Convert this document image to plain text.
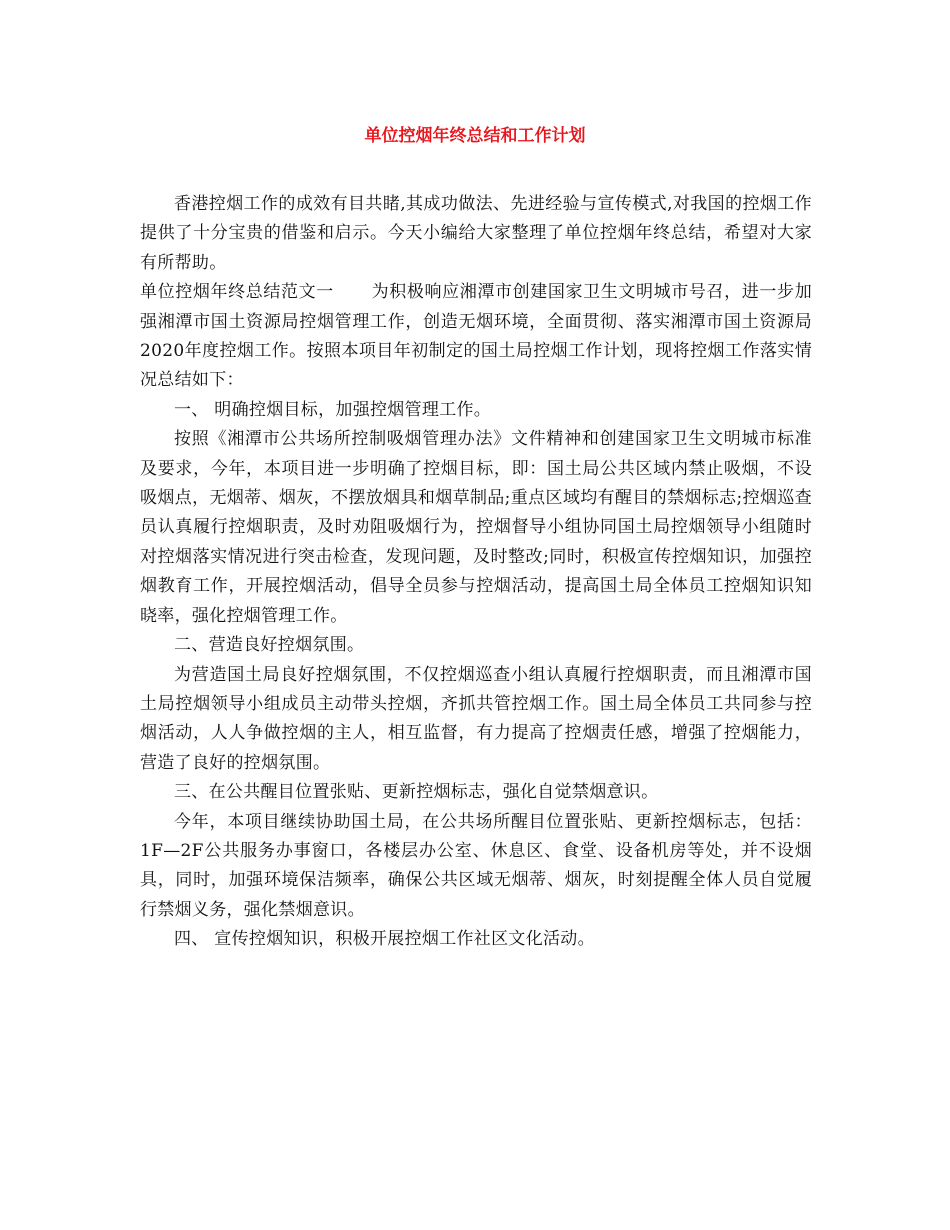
单位控烟年终总结和工作计划

香港控烟工作的成效有目共睹,其成功做法、先进经验与宣传模式,对我国的控烟工作提供了十分宝贵的借鉴和启示。今天小编给大家整理了单位控烟年终总结，希望对大家有所帮助。

单位控烟年终总结范文一 为积极响应湘潭市创建国家卫生文明城市号召，进一步加强湘潭市国土资源局控烟管理工作，创造无烟环境，全面贯彻、落实湘潭市国土资源局2020年度控烟工作。按照本项目年初制定的国土局控烟工作计划，现将控烟工作落实情况总结如下：

一、 明确控烟目标，加强控烟管理工作。

按照《湘潭市公共场所控制吸烟管理办法》文件精神和创建国家卫生文明城市标准及要求，今年，本项目进一步明确了控烟目标，即：国土局公共区域内禁止吸烟，不设吸烟点，无烟蒂、烟灰，不摆放烟具和烟草制品;重点区域均有醒目的禁烟标志;控烟巡查员认真履行控烟职责，及时劝阻吸烟行为，控烟督导小组协同国土局控烟领导小组随时对控烟落实情况进行突击检查，发现问题，及时整改;同时，积极宣传控烟知识，加强控烟教育工作，开展控烟活动，倡导全员参与控烟活动，提高国土局全体员工控烟知识知晓率，强化控烟管理工作。

二、营造良好控烟氛围。

为营造国土局良好控烟氛围，不仅控烟巡查小组认真履行控烟职责，而且湘潭市国土局控烟领导小组成员主动带头控烟，齐抓共管控烟工作。国土局全体员工共同参与控烟活动，人人争做控烟的主人，相互监督，有力提高了控烟责任感，增强了控烟能力，营造了良好的控烟氛围。

三、在公共醒目位置张贴、更新控烟标志，强化自觉禁烟意识。

今年，本项目继续协助国土局，在公共场所醒目位置张贴、更新控烟标志，包括：1F—2F公共服务办事窗口，各楼层办公室、休息区、食堂、设备机房等处，并不设烟具，同时，加强环境保洁频率，确保公共区域无烟蒂、烟灰，时刻提醒全体人员自觉履行禁烟义务，强化禁烟意识。

四、 宣传控烟知识，积极开展控烟工作社区文化活动。
